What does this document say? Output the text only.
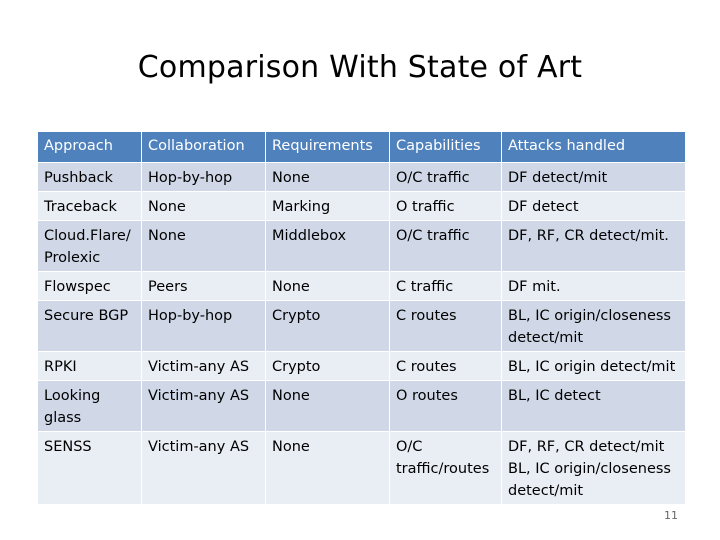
Comparison With State of Art
Approach	Collaboration	Requirements	Capabilities	Attacks handled
Pushback	Hop-by-hop	None	O/C traffic	DF detect/mit
Traceback	None	Marking	O traffic	DF detect
Cloud.Flare/ Prolexic	None	Middlebox	O/C traffic	DF, RF, CR detect/mit.
Flowspec	Peers	None	C traffic	DF mit.
Secure BGP	Hop-by-hop	Crypto	C routes	BL, IC origin/closeness detect/mit
RPKI	Victim-any AS	Crypto	C routes	BL, IC origin detect/mit
Looking glass	Victim-any AS	None	O routes	BL, IC detect
SENSS	Victim-any AS	None	O/C traffic/routes	DF, RF, CR detect/mit BL, IC origin/closeness detect/mit
11
